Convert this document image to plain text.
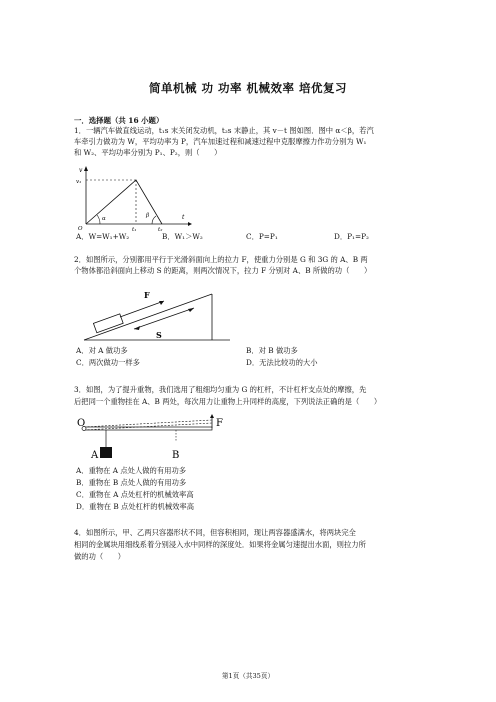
简单机械 功 功率 机械效率 培优复习
一．选择题（共 16 小题）
1．一辆汽车做直线运动，t₁s 末关闭发动机，t₂s 末静止，其 v－t 图如图．图中 α＜β，若汽
车牵引力做功为 W，平均功率为 P，汽车加速过程和减速过程中克服摩擦力作功分别为 W₁
和 W₂、平均功率分别为 P₁、P₂，则（　　）
v
v₁
O
t
t₁	t₂
α	β
A．W=W₁+W₂	B．W₁＞W₂	C．P=P₁	D．P₁=P₂
2．如图所示，分别都用平行于光滑斜面向上的拉力 F，使重力分别是 G 和 3G 的 A、B 两
个物体都沿斜面向上移动 S 的距离，则两次情况下，拉力 F 分别对 A、B 所做的功（　　）
F
S
A．对 A 做功多	B．对 B 做功多
C．两次做功一样多	D．无法比较功的大小
3．如图，为了提升重物，我们选用了粗细均匀重为 G 的杠杆，不计杠杆支点处的摩擦，先
后把同一个重物挂在 A、B 两处，每次用力让重物上升同样的高度，下列说法正确的是（　　）
F
O
A	B
A．重物在 A 点处人做的有用功多
B．重物在 B 点处人做的有用功多
C．重物在 A 点处杠杆的机械效率高
D．重物在 B 点处杠杆的机械效率高
4．如图所示，甲、乙两只容器形状不同，但容积相同，现让两容器盛满水，将两块完全
相同的金属块用细线系着分别浸入水中同样的深度处．如果将金属匀速提出水面，则拉力所
做的功（　　）
第1页（共35页）
